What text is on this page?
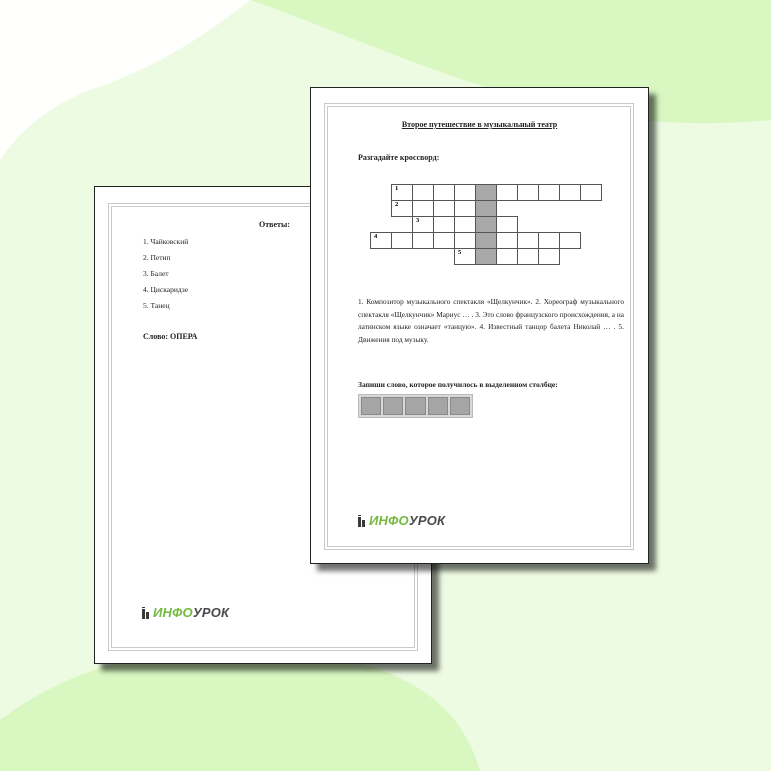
Ответы:
1. Чайковский
2. Петип
3. Балет
4. Цискаридзе
5. Танец
Слово: ОПЕРА
ИНФО УРОК
Второе путешествие в музыкальный театр
Разгадайте кроссворд:
1
2
3
4
5
1. Композитор музыкального спектакля «Щелкунчик». 2. Хореограф музыкального спектакля «Щелкунчик» Мариус … . 3. Это слово французского происхождения, а на латинском языке означает «танцую». 4. Известный танцор балета Николай … . 5. Движения под музыку.
Запиши слово, которое получилось в выделенном столбце:
ИНФО УРОК
